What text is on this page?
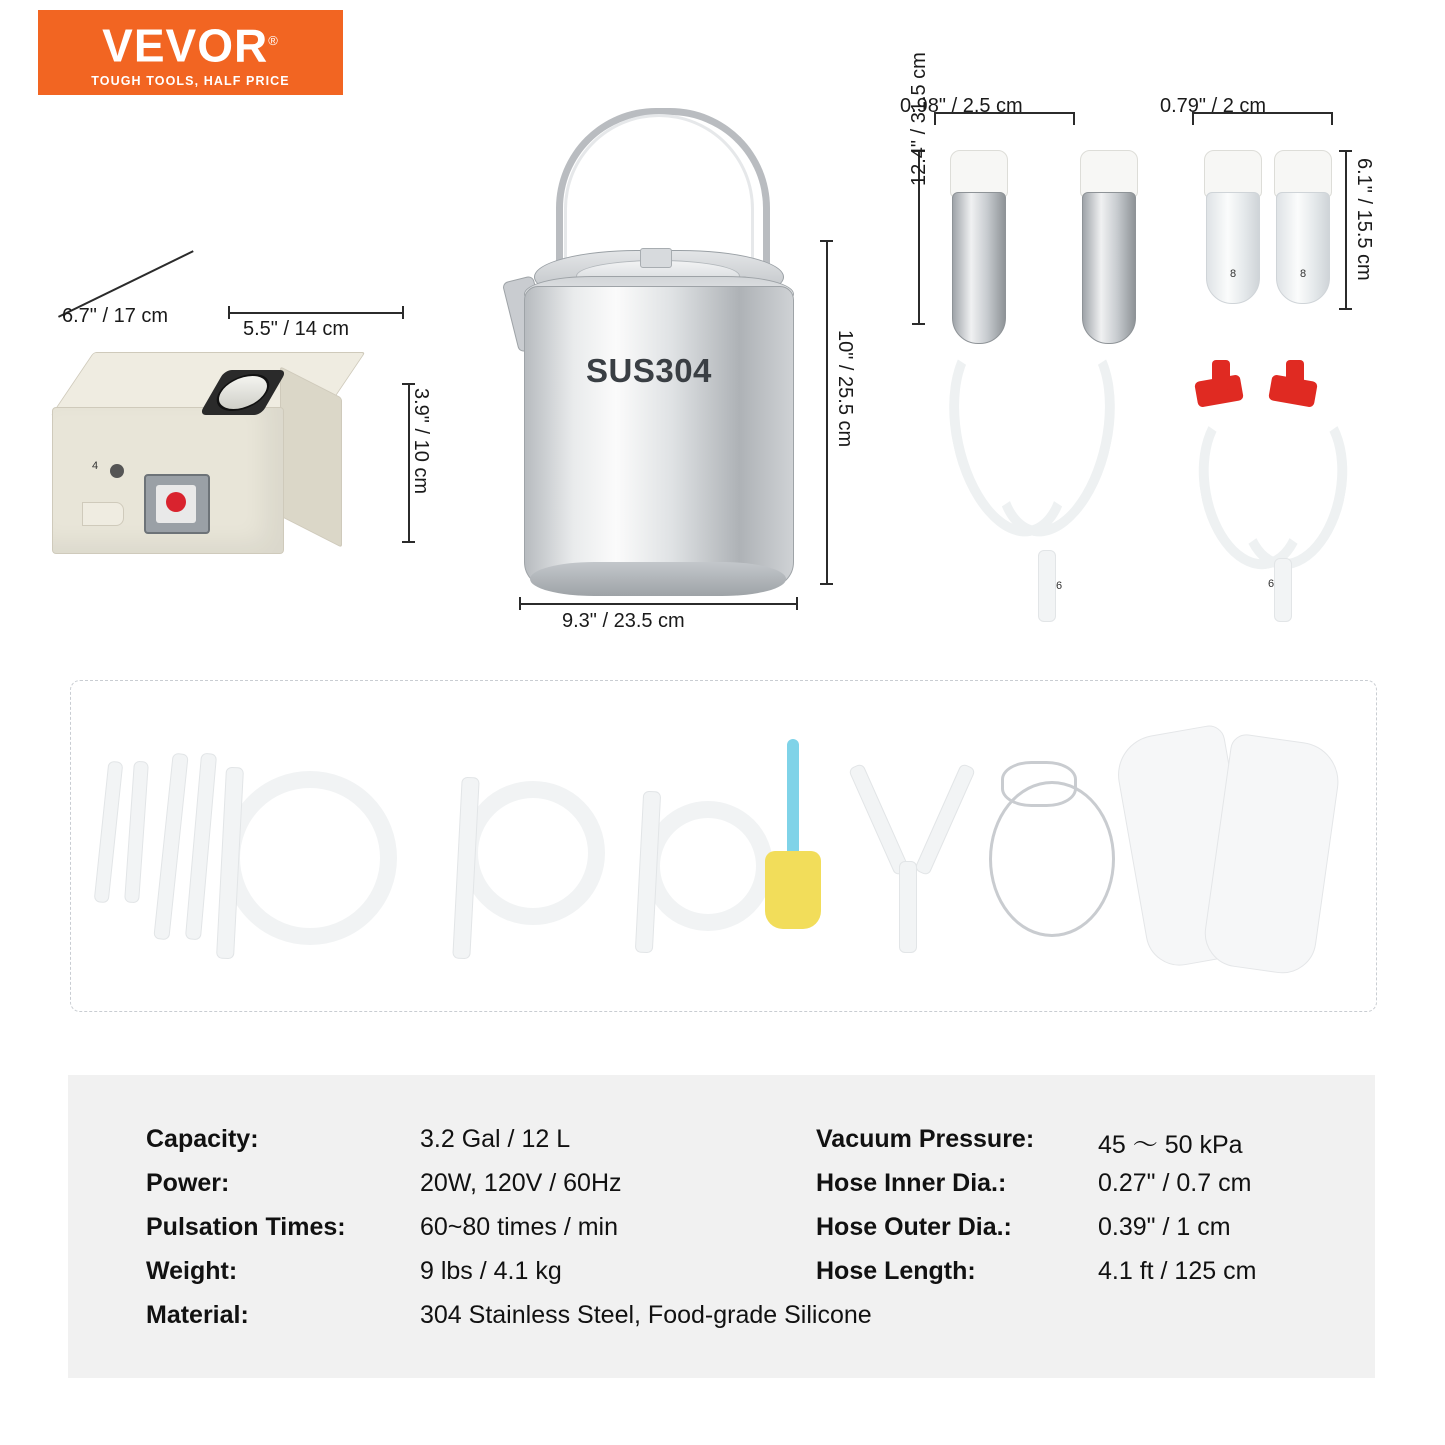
VEVOR®
TOUGH TOOLS, HALF PRICE
4
6.7" / 17 cm
5.5" / 14 cm
3.9" / 10 cm
SUS304	10" / 25.5 cm
9.3" / 23.5 cm
6
0.98" / 2.5 cm
12.4" / 31.5 cm
8	8
6
0.79" / 2 cm
6.1" / 15.5 cm
Capacity:	3.2 Gal / 12 L
Power:	20W, 120V / 60Hz
Pulsation Times:	60~80 times / min
Weight:	9 lbs / 4.1 kg
Material:	304 Stainless Steel, Food-grade Silicone
Vacuum Pressure:	45 〜 50 kPa
Hose Inner Dia.:	0.27" / 0.7 cm
Hose Outer Dia.:	0.39" / 1 cm
Hose Length:	4.1 ft / 125 cm
